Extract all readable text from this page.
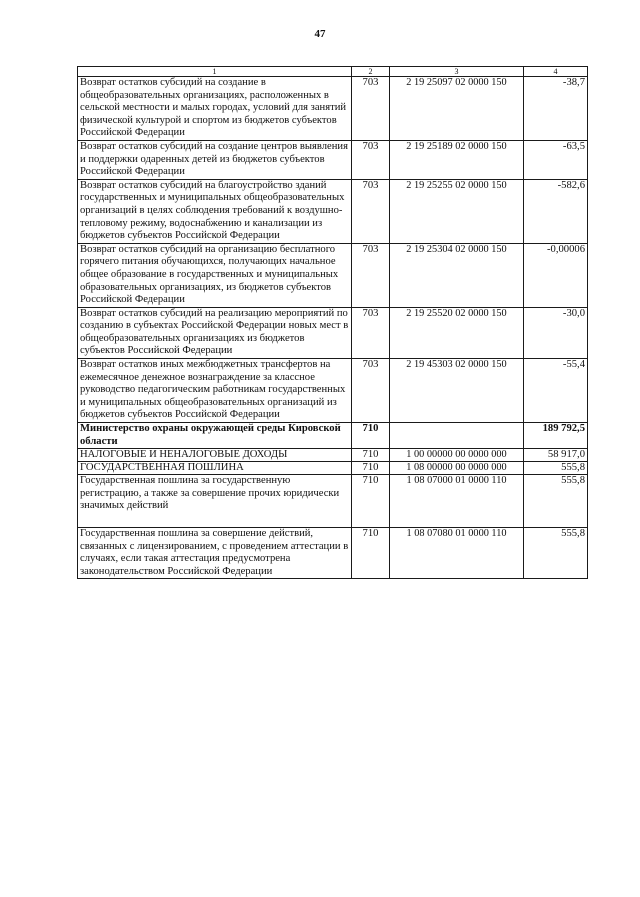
47
1	2	3	4
Возврат остатков субсидий на создание в общеобразовательных организациях, расположенных в сельской местности и малых городах, условий для занятий физической культурой и спортом из бюджетов субъектов Российской Федерации	703	2 19 25097 02 0000 150	-38,7
Возврат остатков субсидий на создание центров выявления и поддержки одаренных детей из бюджетов субъектов Российской Федерации	703	2 19 25189 02 0000 150	-63,5
Возврат остатков субсидий на благоустройство зданий государственных и муниципальных общеобразовательных организаций в целях соблюдения требований к воздушно-тепловому режиму, водоснабжению и канализации из бюджетов субъектов Российской Федерации	703	2 19 25255 02 0000 150	-582,6
Возврат остатков субсидий на организацию бесплатного горячего питания обучающихся, получающих начальное общее образование в государственных и муниципальных образовательных организациях, из бюджетов субъектов Российской Федерации	703	2 19 25304 02 0000 150	-0,00006
Возврат остатков субсидий на реализацию мероприятий по созданию в субъектах Российской Федерации новых мест в общеобразовательных организациях из бюджетов субъектов Российской Федерации	703	2 19 25520 02 0000 150	-30,0
Возврат остатков иных межбюджетных трансфертов на ежемесячное денежное вознаграждение за классное руководство педагогическим работникам государственных и муниципальных общеобразовательных организаций из бюджетов субъектов Российской Федерации	703	2 19 45303 02 0000 150	-55,4
Министерство охраны окружающей среды Кировской области	710		189 792,5
НАЛОГОВЫЕ И НЕНАЛОГОВЫЕ ДОХОДЫ	710	1 00 00000 00 0000 000	58 917,0
ГОСУДАРСТВЕННАЯ ПОШЛИНА	710	1 08 00000 00 0000 000	555,8
Государственная пошлина за государственную регистрацию, а также за совершение прочих юридически значимых действий	710	1 08 07000 01 0000 110	555,8
Государственная пошлина за совершение действий, связанных с лицензированием, с проведением аттестации в случаях, если такая аттестация предусмотрена законодательством Российской Федерации	710	1 08 07080 01 0000 110	555,8
